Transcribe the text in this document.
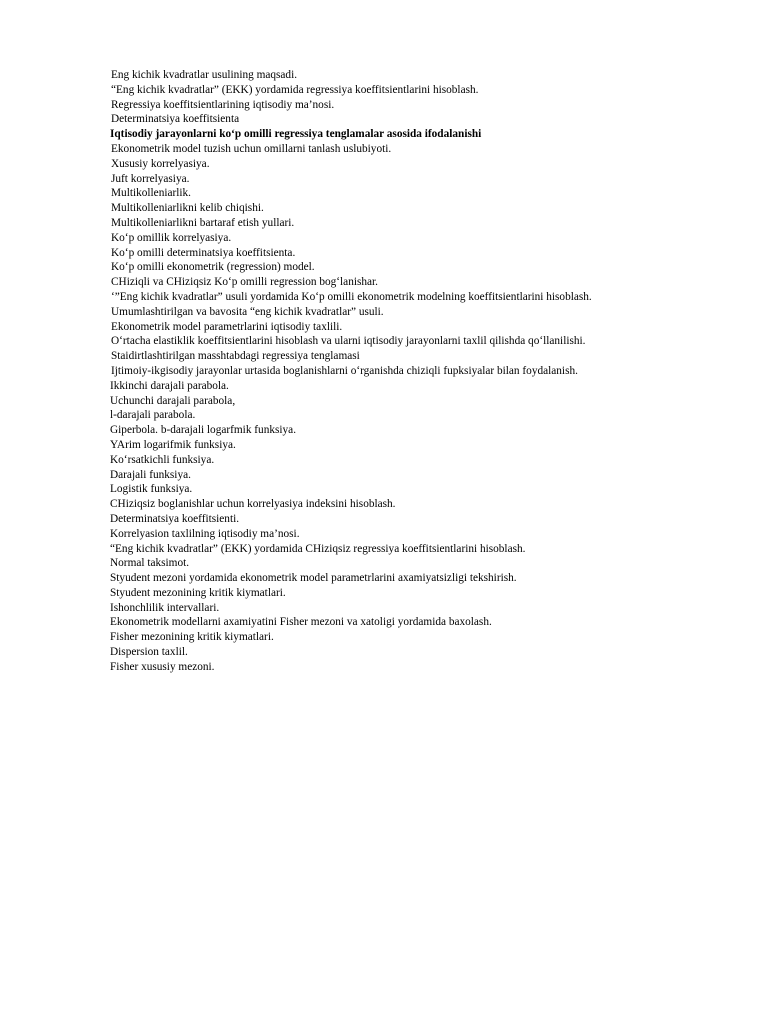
Eng kichik kvadratlar usulining maqsadi.
“Eng kichik kvadratlar” (EKK) yordamida regressiya koeffitsientlarini hisoblash.
Regressiya koeffitsientlarining iqtisodiy ma’nosi.
Determinatsiya koeffitsienta
Iqtisodiy jarayonlarni ko‘p omilli regressiya tenglamalar asosida ifodalanishi
Ekonometrik model tuzish uchun omillarni tanlash uslubiyoti.
Xususiy korrelyasiya.
Juft korrelyasiya.
Multikolleniarlik.
Multikolleniarlikni kelib chiqishi.
Multikolleniarlikni bartaraf etish yullari.
Ko‘p omillik korrelyasiya.
Ko‘p omilli determinatsiya koeffitsienta.
Ko‘p omilli ekonometrik (regression) model.
CHiziqli va CHiziqsiz Ko‘p omilli regression bog‘lanishar.
‘”Eng kichik kvadratlar” usuli yordamida Ko‘p omilli ekonometrik modelning koeffitsientlarini hisoblash.
Umumlashtirilgan va bavosita “eng kichik kvadratlar” usuli.
Ekonometrik model parametrlarini iqtisodiy taxlili.
O‘rtacha elastiklik koeffitsientlarini hisoblash va ularni iqtisodiy jarayonlarni taxlil qilishda qo‘llanilishi.
Staidirtlashtirilgan masshtabdagi regressiya tenglamasi
Ijtimoiy-ikgisodiy jarayonlar urtasida boglanishlarni o‘rganishda chiziqli fupksiyalar bilan foydalanish.
Ikkinchi darajali parabola.
Uchunchi darajali parabola,
l-darajali parabola.
Giperbola. b-darajali logarfmik funksiya.
YArim logarifmik funksiya.
Ko‘rsatkichli funksiya.
Darajali funksiya.
Logistik funksiya.
CHiziqsiz boglanishlar uchun korrelyasiya indeksini hisoblash.
Determinatsiya koeffitsienti.
Korrelyasion taxlilning iqtisodiy ma’nosi.
“Eng kichik kvadratlar” (EKK) yordamida CHiziqsiz regressiya koeffitsientlarini hisoblash.
Normal taksimot.
Styudent mezoni yordamida ekonometrik model parametrlarini axamiyatsizligi tekshirish.
Styudent mezonining kritik kiymatlari.
Ishonchlilik intervallari.
Ekonometrik modellarni axamiyatini Fisher mezoni va xatoligi yordamida baxolash.
Fisher mezonining kritik kiymatlari.
Dispersion taxlil.
Fisher xususiy mezoni.
